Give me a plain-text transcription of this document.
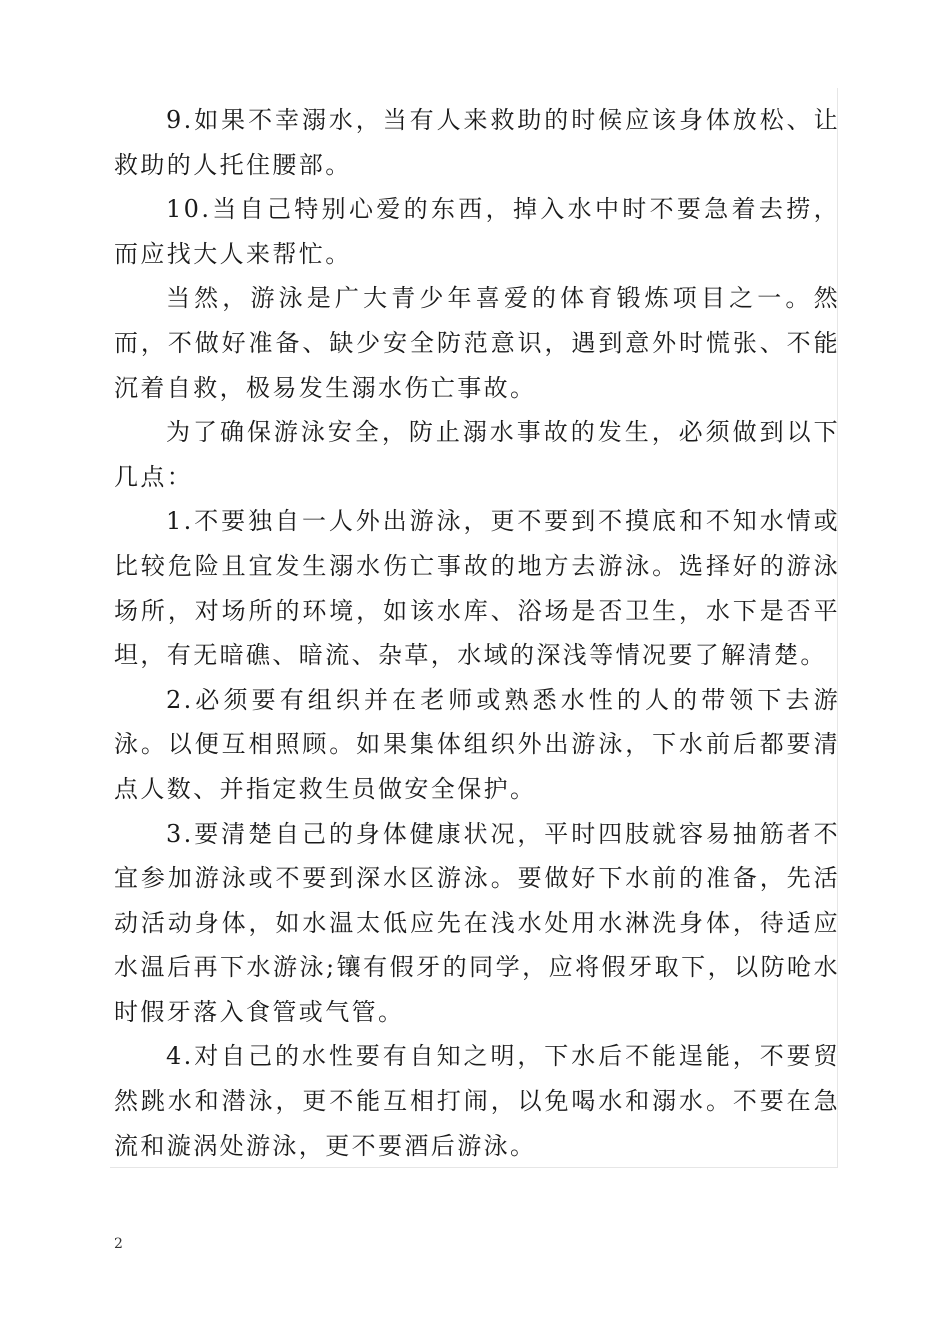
9.如果不幸溺水，当有人来救助的时候应该身体放松、让救助的人托住腰部。

10.当自己特别心爱的东西，掉入水中时不要急着去捞，而应找大人来帮忙。

当然，游泳是广大青少年喜爱的体育锻炼项目之一。然而，不做好准备、缺少安全防范意识，遇到意外时慌张、不能沉着自救，极易发生溺水伤亡事故。

为了确保游泳安全，防止溺水事故的发生，必须做到以下几点：

1.不要独自一人外出游泳，更不要到不摸底和不知水情或比较危险且宜发生溺水伤亡事故的地方去游泳。选择好的游泳场所，对场所的环境，如该水库、浴场是否卫生，水下是否平坦，有无暗礁、暗流、杂草，水域的深浅等情况要了解清楚。

2.必须要有组织并在老师或熟悉水性的人的带领下去游泳。以便互相照顾。如果集体组织外出游泳，下水前后都要清点人数、并指定救生员做安全保护。

3.要清楚自己的身体健康状况，平时四肢就容易抽筋者不宜参加游泳或不要到深水区游泳。要做好下水前的准备，先活动活动身体，如水温太低应先在浅水处用水淋洗身体，待适应水温后再下水游泳;镶有假牙的同学，应将假牙取下，以防呛水时假牙落入食管或气管。

4.对自己的水性要有自知之明，下水后不能逞能，不要贸然跳水和潜泳，更不能互相打闹，以免喝水和溺水。不要在急流和漩涡处游泳，更不要酒后游泳。

2
